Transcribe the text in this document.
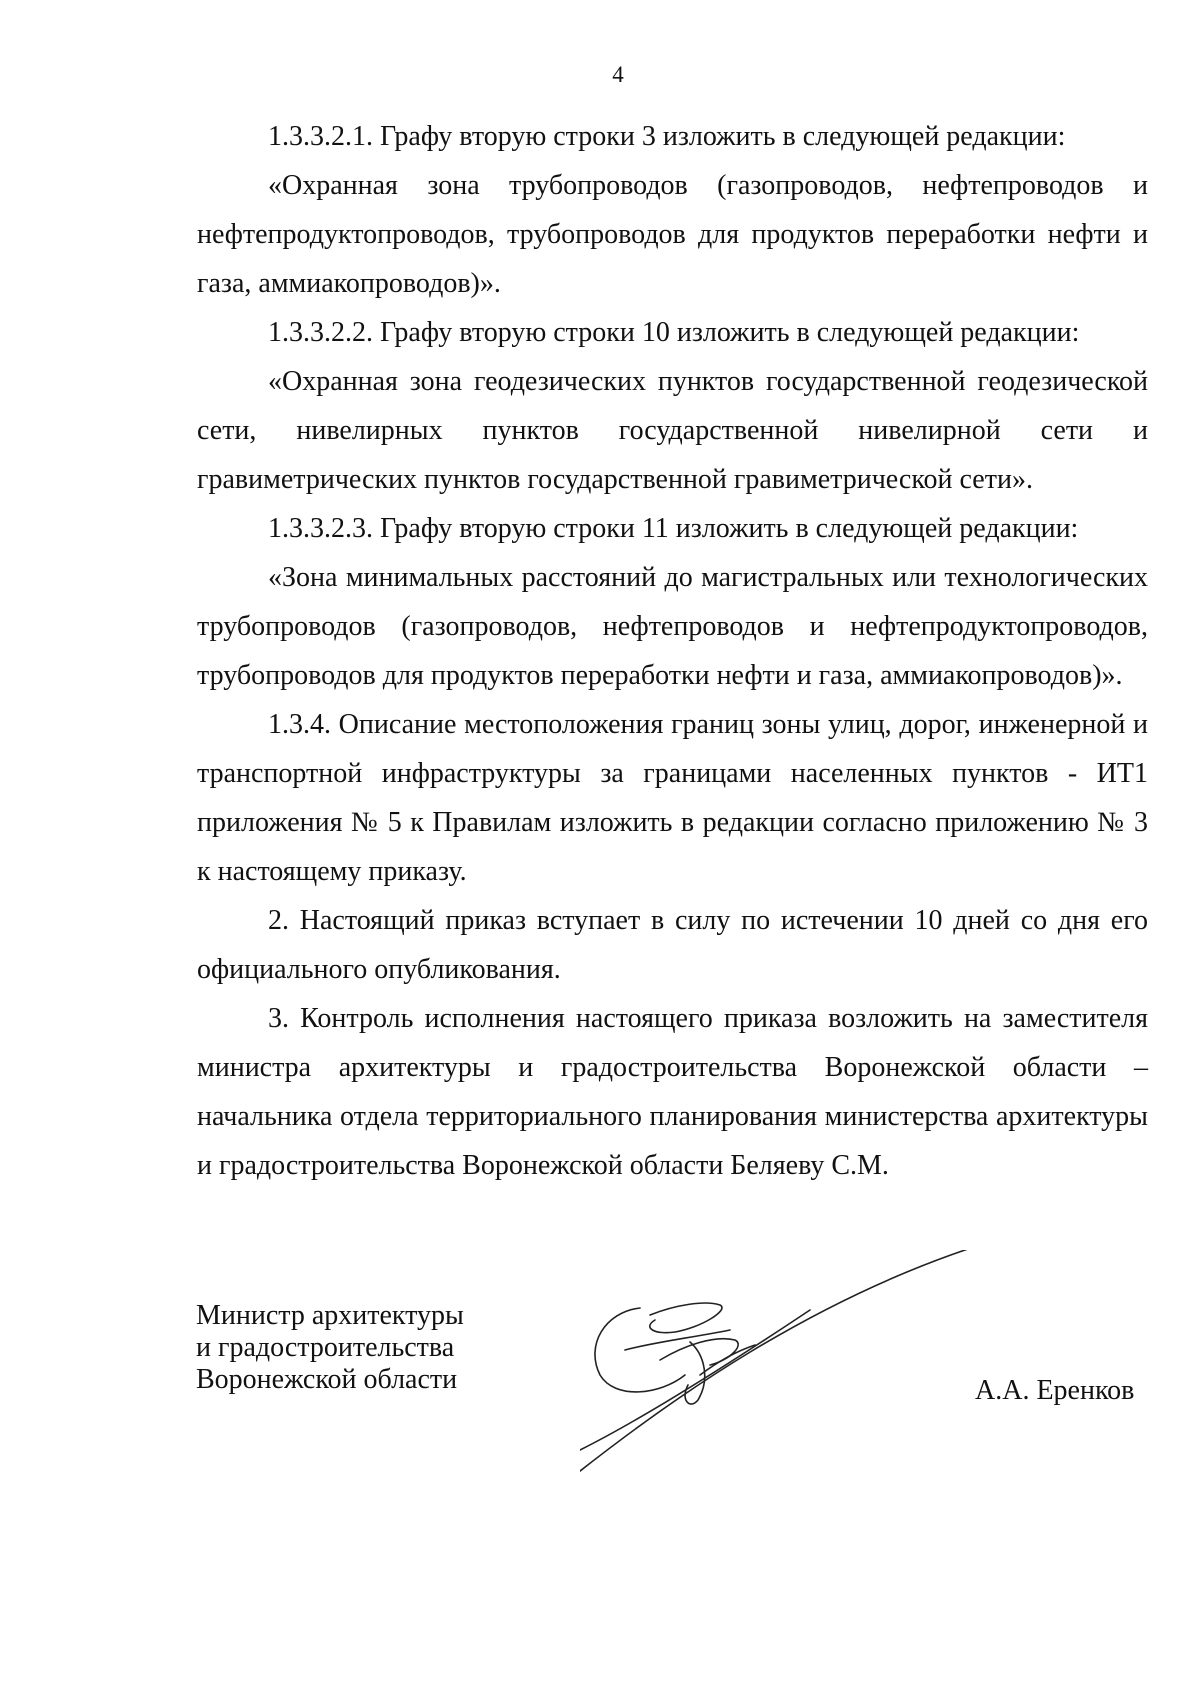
4

1.3.3.2.1. Графу вторую строки 3 изложить в следующей редакции:

«Охранная зона трубопроводов (газопроводов, нефтепроводов и нефтепродуктопроводов, трубопроводов для продуктов переработки нефти и газа, аммиакопроводов)».

1.3.3.2.2. Графу вторую строки 10 изложить в следующей редакции:

«Охранная зона геодезических пунктов государственной геодезической сети, нивелирных пунктов государственной нивелирной сети и гравиметрических пунктов государственной гравиметрической сети».

1.3.3.2.3. Графу вторую строки 11 изложить в следующей редакции:

«Зона минимальных расстояний до магистральных или технологических трубопроводов (газопроводов, нефтепроводов и нефтепродуктопроводов, трубопроводов для продуктов переработки нефти и газа, аммиакопроводов)».

1.3.4. Описание местоположения границ зоны улиц, дорог, инженерной и транспортной инфраструктуры за границами населенных пунктов - ИТ1 приложения № 5 к Правилам изложить в редакции согласно приложению № 3 к настоящему приказу.

2. Настоящий приказ вступает в силу по истечении 10 дней со дня его официального опубликования.

3. Контроль исполнения настоящего приказа возложить на заместителя министра архитектуры и градостроительства Воронежской области – начальника отдела территориального планирования министерства архитектуры и градостроительства Воронежской области Беляеву С.М.

Министр архитектуры
и градостроительства
Воронежской области	А.А. Еренков
